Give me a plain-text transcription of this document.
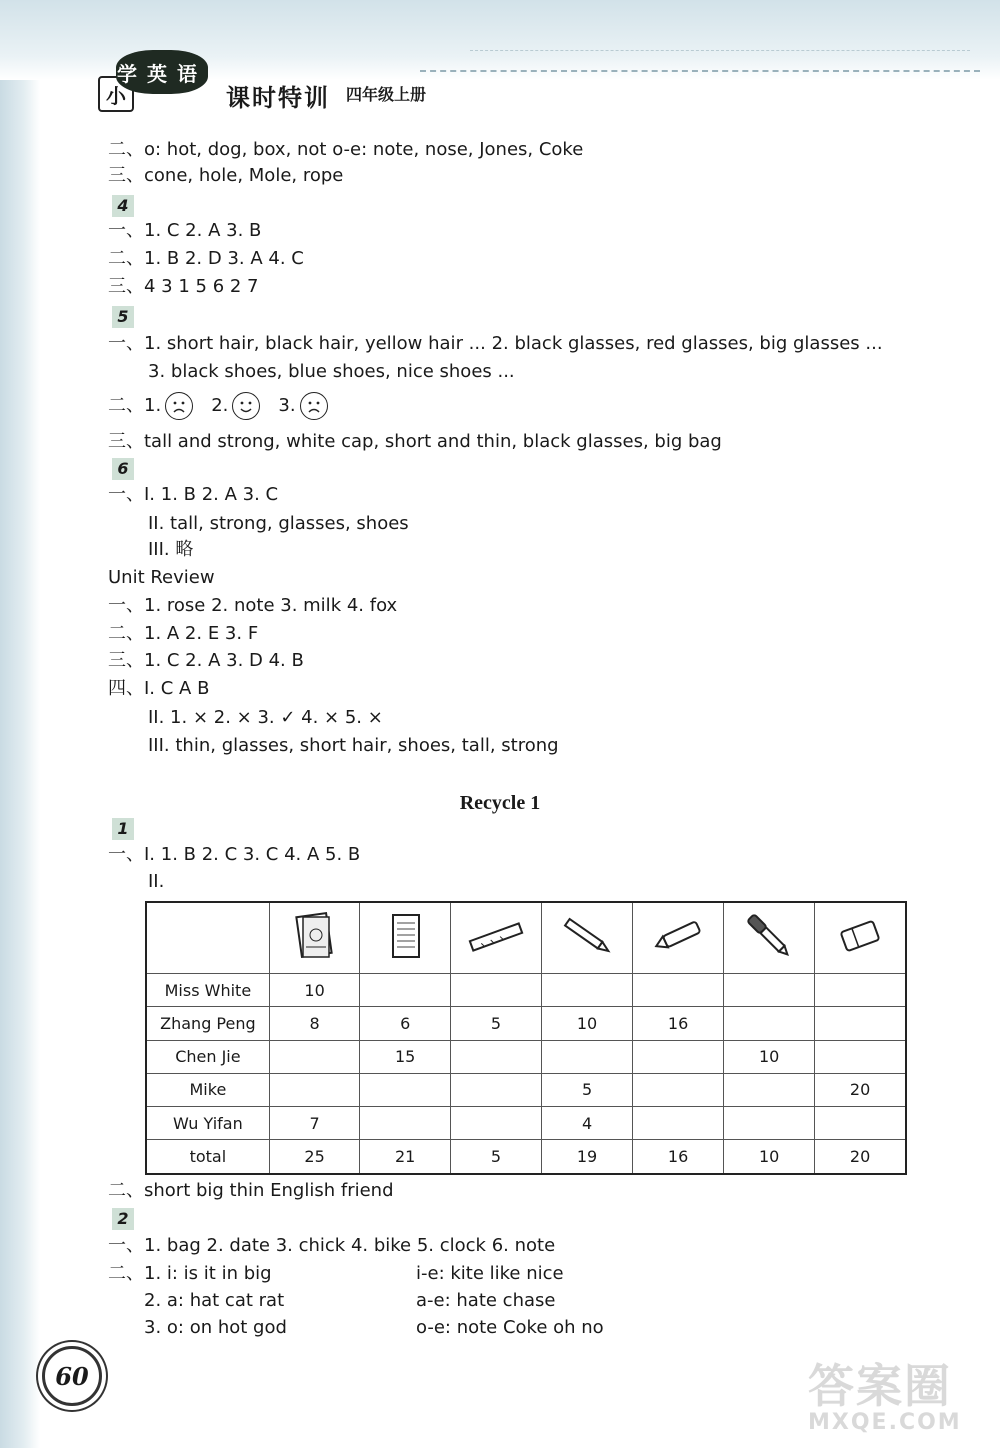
小
学英语
课时特训 四年级上册
二、o: hot, dog, box, not o-e: note, nose, Jones, Coke
三、cone, hole, Mole, rope
4
一、1. C 2. A 3. B
二、1. B 2. D 3. A 4. C
三、4 3 1 5 6 2 7
5
一、1. short hair, black hair, yellow hair ... 2. black glasses, red glasses, big glasses ...
3. black shoes, blue shoes, nice shoes ...
二、1.	2.	3.
三、tall and strong, white cap, short and thin, black glasses, big bag
6
一、I. 1. B 2. A 3. C
II. tall, strong, glasses, shoes
III. 略
Unit Review
一、1. rose 2. note 3. milk 4. fox
二、1. A 2. E 3. F
三、1. C 2. A 3. D 4. B
四、I. C A B
II. 1. × 2. × 3. ✓ 4. × 5. ×
III. thin, glasses, short hair, shoes, tall, strong
Recycle 1
1
一、I. 1. B 2. C 3. C 4. A 5. B
II.

Miss White	10						
Zhang Peng	8	6	5	10	16		
Chen Jie		15				10	
Mike				5			20
Wu Yifan	7			4			
total	25	21	5	19	16	10	20
二、short big thin English friend
2
一、1. bag 2. date 3. chick 4. bike 5. clock 6. note
二、1. i: is it in big	i-e: kite like nice
2. a: hat cat rat	a-e: hate chase
3. o: on hot god	o-e: note Coke oh no
60	答案圈
MXQE.COM
